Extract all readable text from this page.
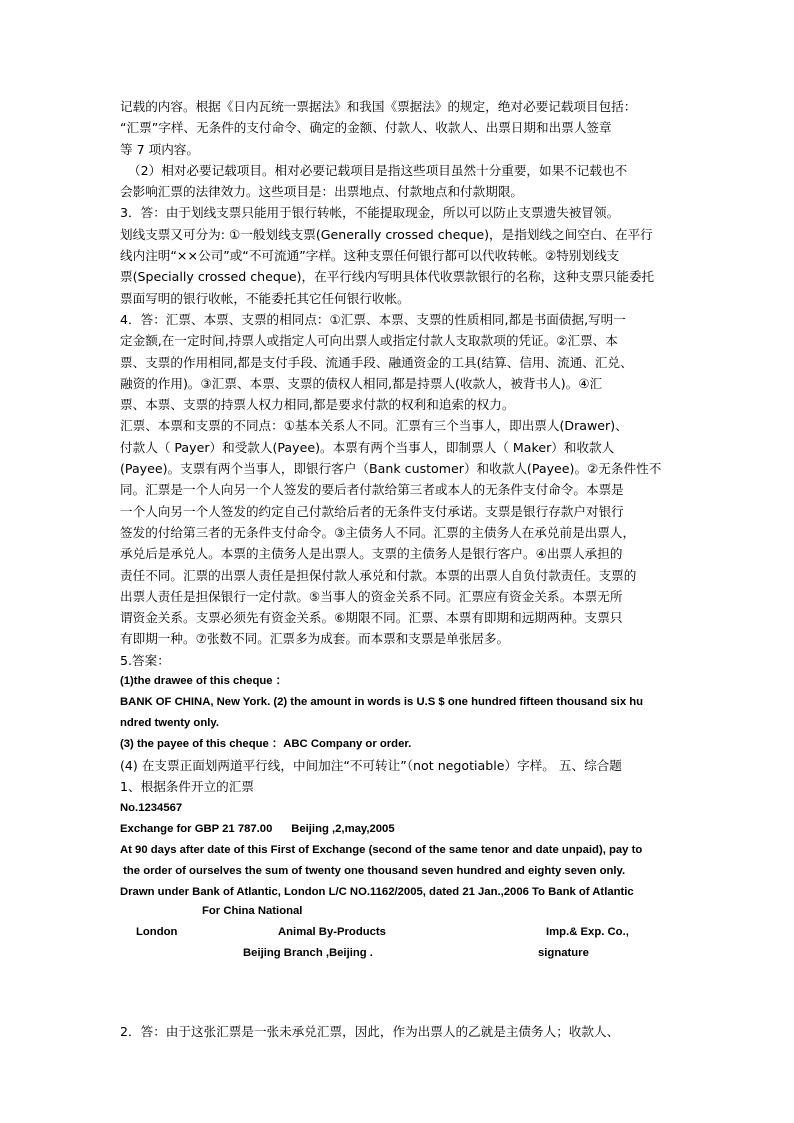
记载的内容。根据《日内瓦统一票据法》和我国《票据法》的规定，绝对必要记载项目包括：

“汇票”字样、无条件的支付命令、确定的金额、付款人、收款人、出票日期和出票人签章

等 7 项内容。

（2）相对必要记载项目。相对必要记载项目是指这些项目虽然十分重要，如果不记载也不

会影响汇票的法律效力。这些项目是：出票地点、付款地点和付款期限。

3．答：由于划线支票只能用于银行转帐，不能提取现金，所以可以防止支票遗失被冒领。

划线支票又可分为: ①一般划线支票(Generally crossed cheque)，是指划线之间空白、在平行

线内注明“××公司”或“不可流通”字样。这种支票任何银行都可以代收转帐。②特别划线支

票(Specially crossed cheque)，在平行线内写明具体代收票款银行的名称，这种支票只能委托

票面写明的银行收帐，不能委托其它任何银行收帐。

4．答：汇票、本票、支票的相同点：①汇票、本票、支票的性质相同,都是书面债据,写明一

定金额,在一定时间,持票人或指定人可向出票人或指定付款人支取款项的凭证。②汇票、本

票、支票的作用相同,都是支付手段、流通手段、融通资金的工具(结算、信用、流通、汇兑、

融资的作用)。③汇票、本票、支票的债权人相同,都是持票人(收款人，被背书人)。④汇

票、本票、支票的持票人权力相同,都是要求付款的权利和追索的权力。

汇票、本票和支票的不同点：①基本关系人不同。汇票有三个当事人，即出票人(Drawer)、

付款人（ Payer）和受款人(Payee)。本票有两个当事人，即制票人（ Maker）和收款人

(Payee)。支票有两个当事人，即银行客户（Bank customer）和收款人(Payee)。②无条件性不

同。汇票是一个人向另一个人签发的要后者付款给第三者或本人的无条件支付命令。本票是

一个人向另一个人签发的约定自己付款给后者的无条件支付承诺。支票是银行存款户对银行

签发的付给第三者的无条件支付命令。③主债务人不同。汇票的主债务人在承兑前是出票人，

承兑后是承兑人。本票的主债务人是出票人。支票的主债务人是银行客户。④出票人承担的

责任不同。汇票的出票人责任是担保付款人承兑和付款。本票的出票人自负付款责任。支票的

出票人责任是担保银行一定付款。⑤当事人的资金关系不同。汇票应有资金关系。本票无所

谓资金关系。支票必须先有资金关系。⑥期限不同。汇票、本票有即期和远期两种。支票只

有即期一种。⑦张数不同。汇票多为成套。而本票和支票是单张居多。

5.答案：

(1)the drawee of this cheque ：

BANK OF CHINA, New York. (2) the amount in words is U.S $ one hundred fifteen thousand six hu

ndred twenty only.

(3) the payee of this cheque ：ABC Company or order.

(4) 在支票正面划两道平行线，中间加注“不可转让”（not negotiable）字样。 五、综合题

1、根据条件开立的汇票

No.1234567

Exchange for GBP 21 787.00      Beijing ,2,may,2005

At 90 days after date of this First of Exchange (second of the same tenor and date unpaid), pay to

the order of ourselves the sum of twenty one thousand seven hundred and eighty seven only.

Drawn under Bank of Atlantic, London L/C NO.1162/2005, dated 21 Jan.,2006 To Bank of Atlantic

For China National
London	Animal By-Products	Imp.& Exp. Co.,
Beijing Branch ,Beijing .	signature

2．答：由于这张汇票是一张未承兑汇票，因此，作为出票人的乙就是主债务人；收款人、
